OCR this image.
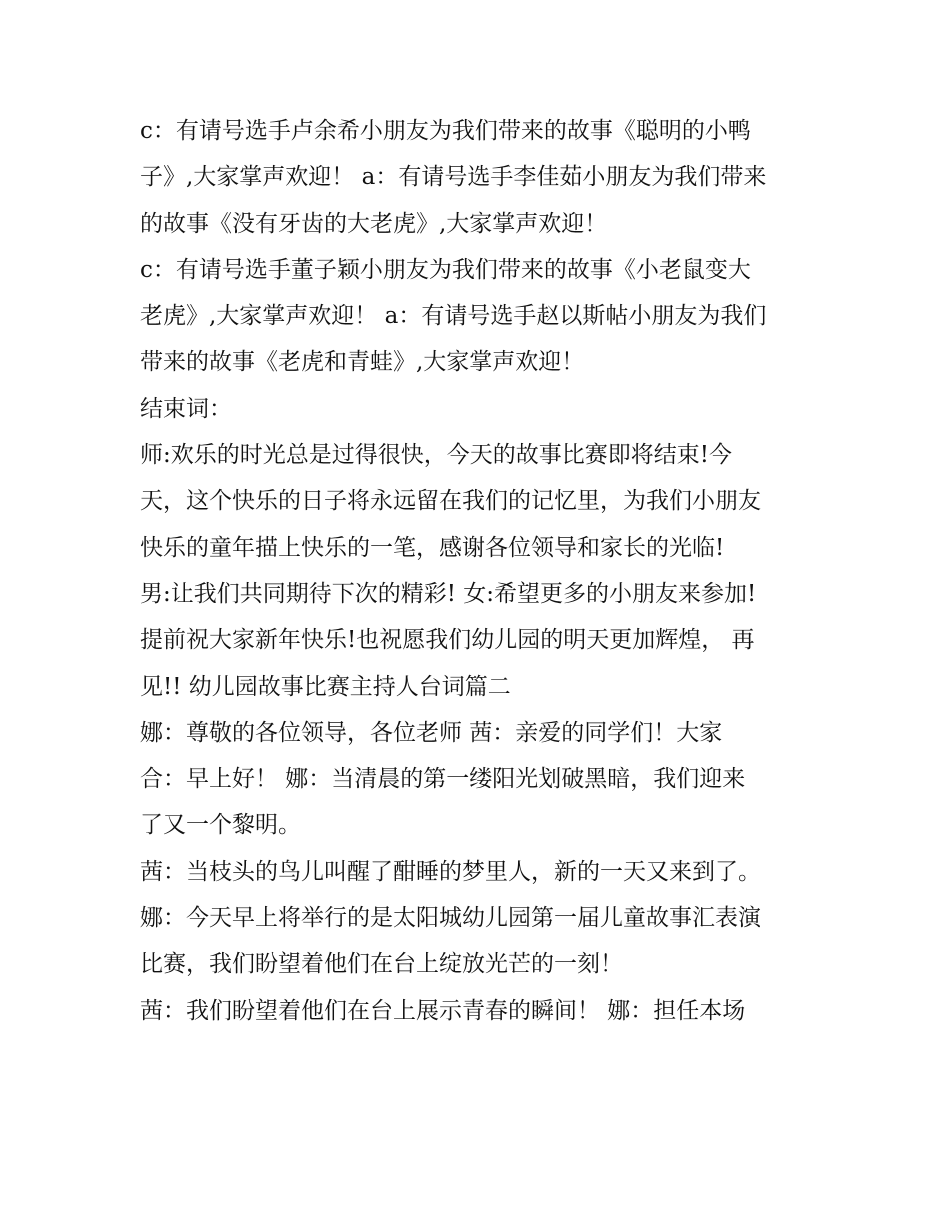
c：有请号选手卢余希小朋友为我们带来的故事《聪明的小鸭
子》,大家掌声欢迎！ a：有请号选手李佳茹小朋友为我们带来
的故事《没有牙齿的大老虎》,大家掌声欢迎！
c：有请号选手董子颖小朋友为我们带来的故事《小老鼠变大
老虎》,大家掌声欢迎！ a：有请号选手赵以斯帖小朋友为我们
带来的故事《老虎和青蛙》,大家掌声欢迎！
结束词：
师:欢乐的时光总是过得很快，今天的故事比赛即将结束!今
天，这个快乐的日子将永远留在我们的记忆里，为我们小朋友
快乐的童年描上快乐的一笔，感谢各位领导和家长的光临!
男:让我们共同期待下次的精彩! 女:希望更多的小朋友来参加!
提前祝大家新年快乐!也祝愿我们幼儿园的明天更加辉煌， 再
见!! 幼儿园故事比赛主持人台词篇二
娜：尊敬的各位领导，各位老师 茜：亲爱的同学们！大家
合：早上好！ 娜：当清晨的第一缕阳光划破黑暗，我们迎来
了又一个黎明。
茜：当枝头的鸟儿叫醒了酣睡的梦里人，新的一天又来到了。
娜：今天早上将举行的是太阳城幼儿园第一届儿童故事汇表演
比赛，我们盼望着他们在台上绽放光芒的一刻！
茜：我们盼望着他们在台上展示青春的瞬间！ 娜：担任本场
